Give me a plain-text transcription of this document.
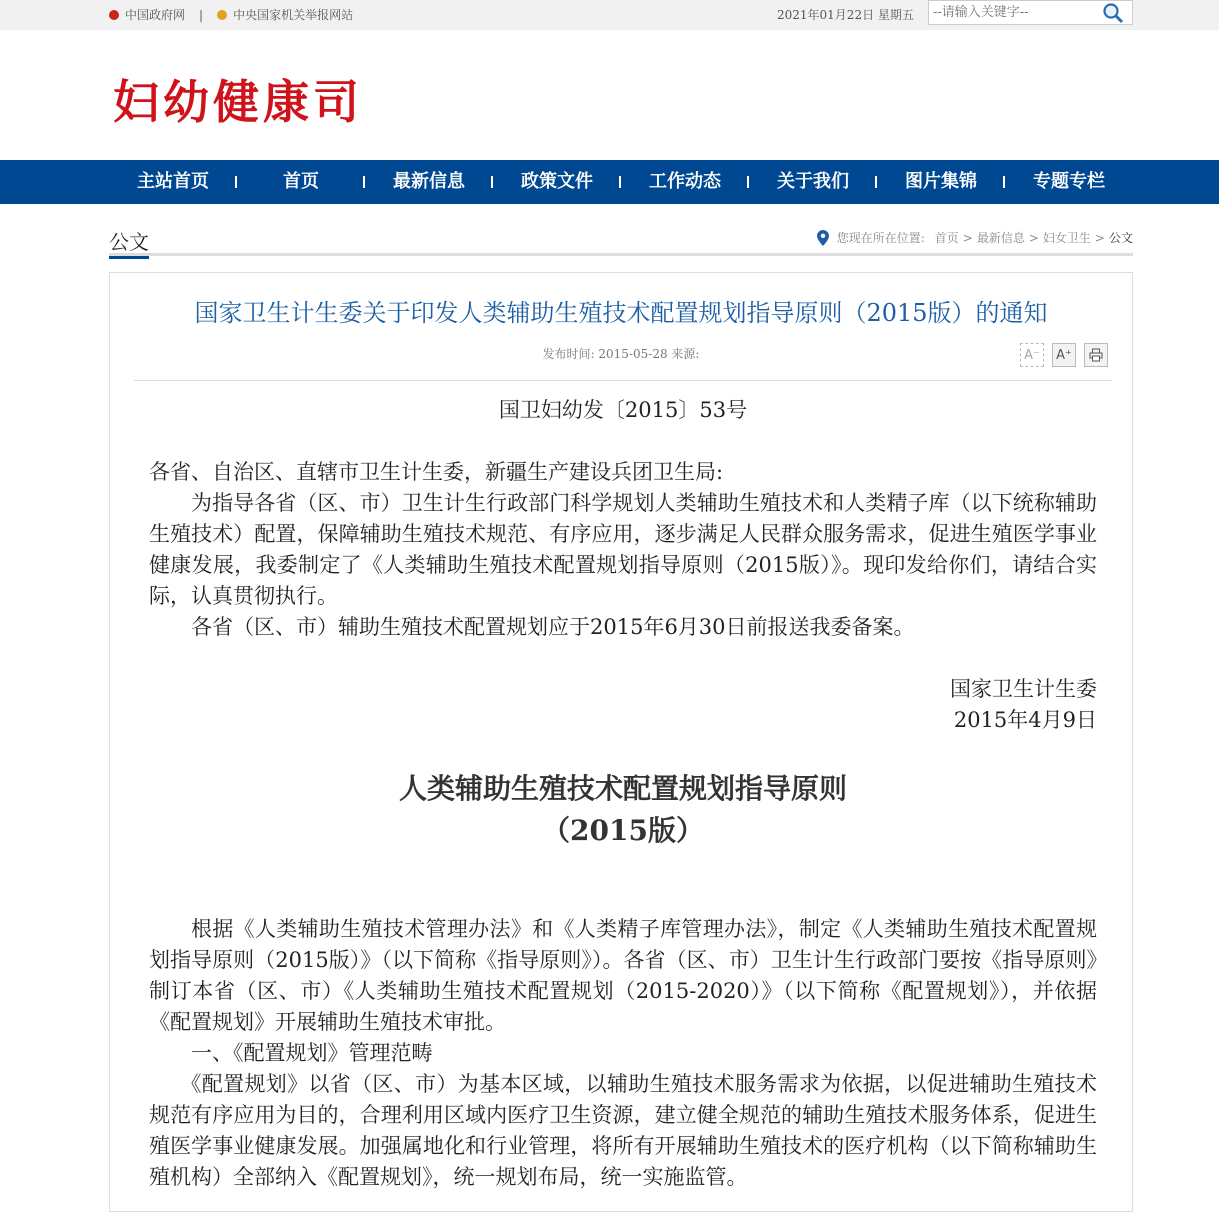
中国政府网 |	中央国家机关举报网站	2021年01月22日 星期五
--请输入关键字--
妇幼健康司
主站首页	首页	最新信息	政策文件	工作动态	关于我们	图片集锦	专题专栏
公文	您现在所在位置: 首页 > 最新信息 > 妇女卫生 > 公文
国家卫生计生委关于印发人类辅助生殖技术配置规划指导原则（2015版）的通知
发布时间: 2015-05-28 来源:	A⁻	A⁺

国卫妇幼发〔2015〕53号

各省、自治区、直辖市卫生计生委，新疆生产建设兵团卫生局:

为指导各省（区、市）卫生计生行政部门科学规划人类辅助生殖技术和人类精子库（以下统称辅助生殖技术）配置，保障辅助生殖技术规范、有序应用，逐步满足人民群众服务需求，促进生殖医学事业健康发展，我委制定了《人类辅助生殖技术配置规划指导原则（2015版）》。现印发给你们，请结合实际，认真贯彻执行。

各省（区、市）辅助生殖技术配置规划应于2015年6月30日前报送我委备案。

国家卫生计生委

2015年4月9日

人类辅助生殖技术配置规划指导原则
（2015版）

根据《人类辅助生殖技术管理办法》和《人类精子库管理办法》，制定《人类辅助生殖技术配置规划指导原则（2015版）》（以下简称《指导原则》）。各省（区、市）卫生计生行政部门要按《指导原则》制订本省（区、市）《人类辅助生殖技术配置规划（2015-2020）》（以下简称《配置规划》），并依据《配置规划》开展辅助生殖技术审批。

一、《配置规划》管理范畴

《配置规划》以省（区、市）为基本区域，以辅助生殖技术服务需求为依据，以促进辅助生殖技术规范有序应用为目的，合理利用区域内医疗卫生资源，建立健全规范的辅助生殖技术服务体系，促进生殖医学事业健康发展。加强属地化和行业管理，将所有开展辅助生殖技术的医疗机构（以下简称辅助生殖机构）全部纳入《配置规划》，统一规划布局，统一实施监管。
